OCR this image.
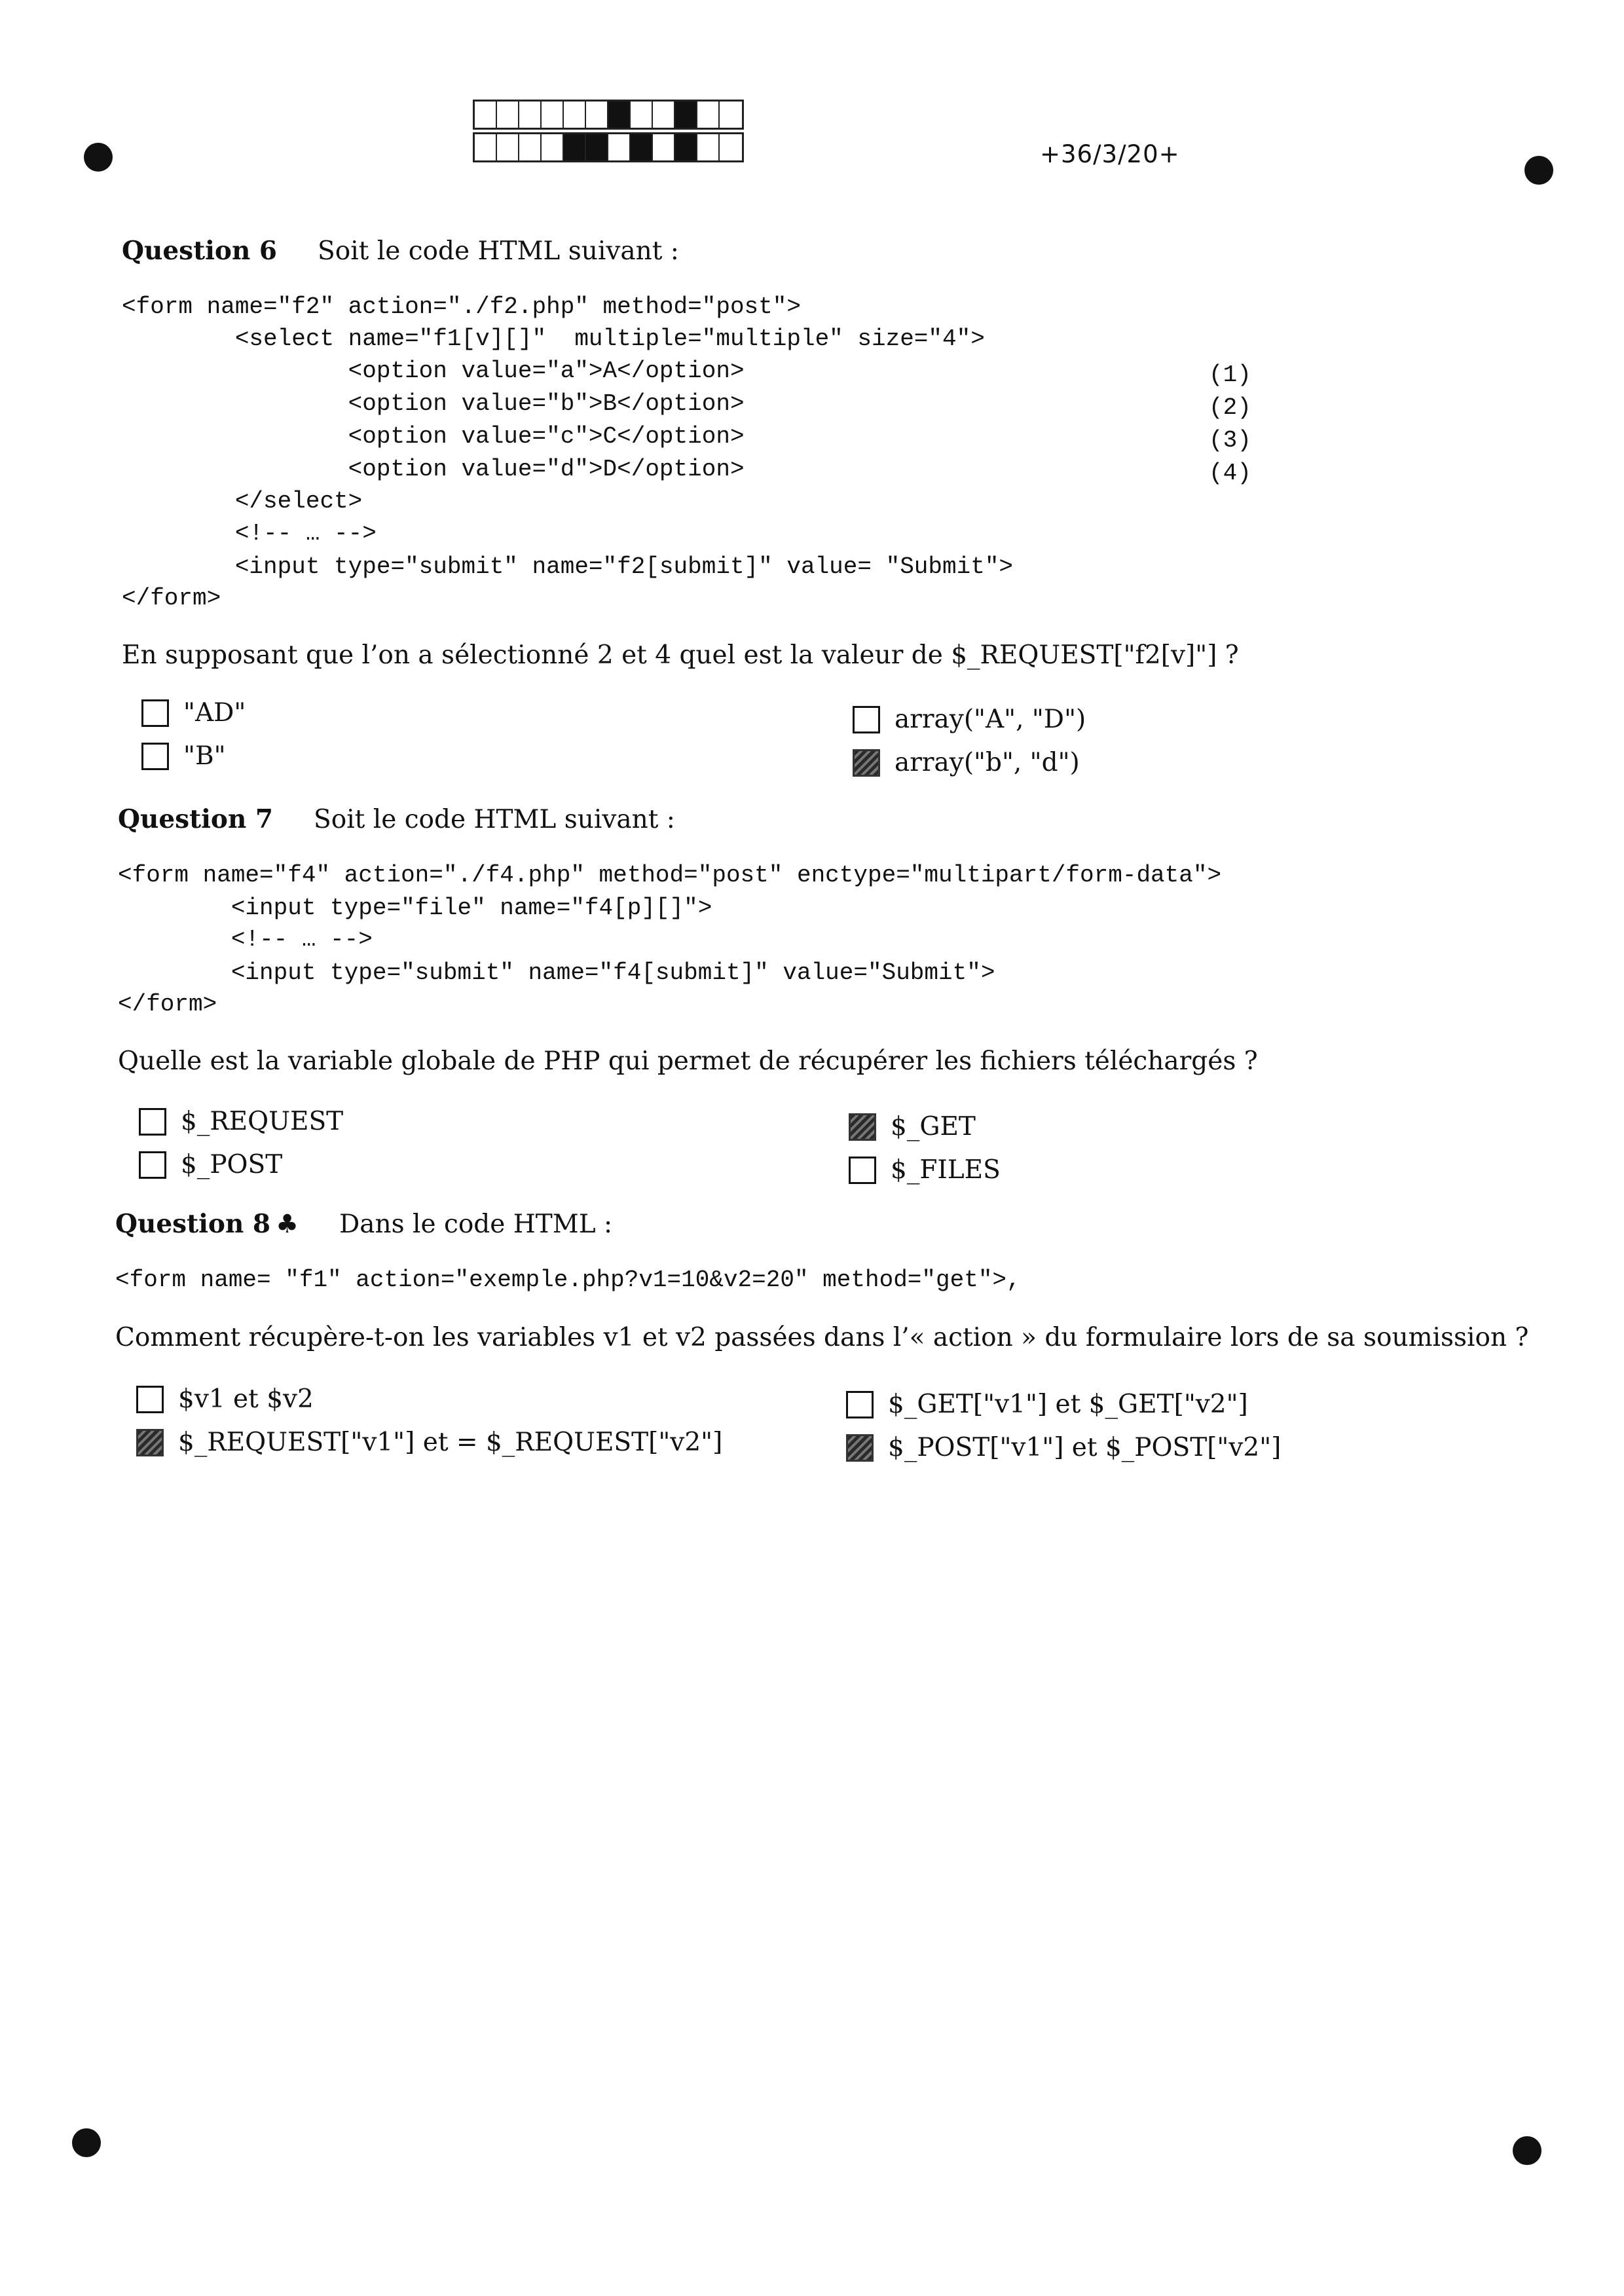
+36/3/20+
Question 6 Soit le code HTML suivant :
<form name="f2" action="./f2.php" method="post">
<select name="f1[v][]"  multiple="multiple" size="4">
<option value="a">A</option>
<option value="b">B</option>
<option value="c">C</option>
<option value="d">D</option>
</select>
<!-- … -->
<input type="submit" name="f2[submit]" value= "Submit">
</form>
(1)
(2)
(3)
(4)
En supposant que l’on a sélectionné 2 et 4 quel est la valeur de $_REQUEST["f2[v]"] ?
"AD"
"B"
array("A", "D")
array("b", "d")
Question 7 Soit le code HTML suivant :
<form name="f4" action="./f4.php" method="post" enctype="multipart/form-data">
<input type="file" name="f4[p][]">
<!-- … -->
<input type="submit" name="f4[submit]" value="Submit">
</form>
Quelle est la variable globale de PHP qui permet de récupérer les fichiers téléchargés ?
$_REQUEST
$_POST
$_GET
$_FILES
Question 8 ♣ Dans le code HTML :
<form name= "f1" action="exemple.php?v1=10&v2=20" method="get">,
Comment récupère-t-on les variables v1 et v2 passées dans l’« action » du formulaire lors de sa soumission ?
$v1 et $v2
$_REQUEST["v1"] et = $_REQUEST["v2"]
$_GET["v1"] et $_GET["v2"]
$_POST["v1"] et $_POST["v2"]
